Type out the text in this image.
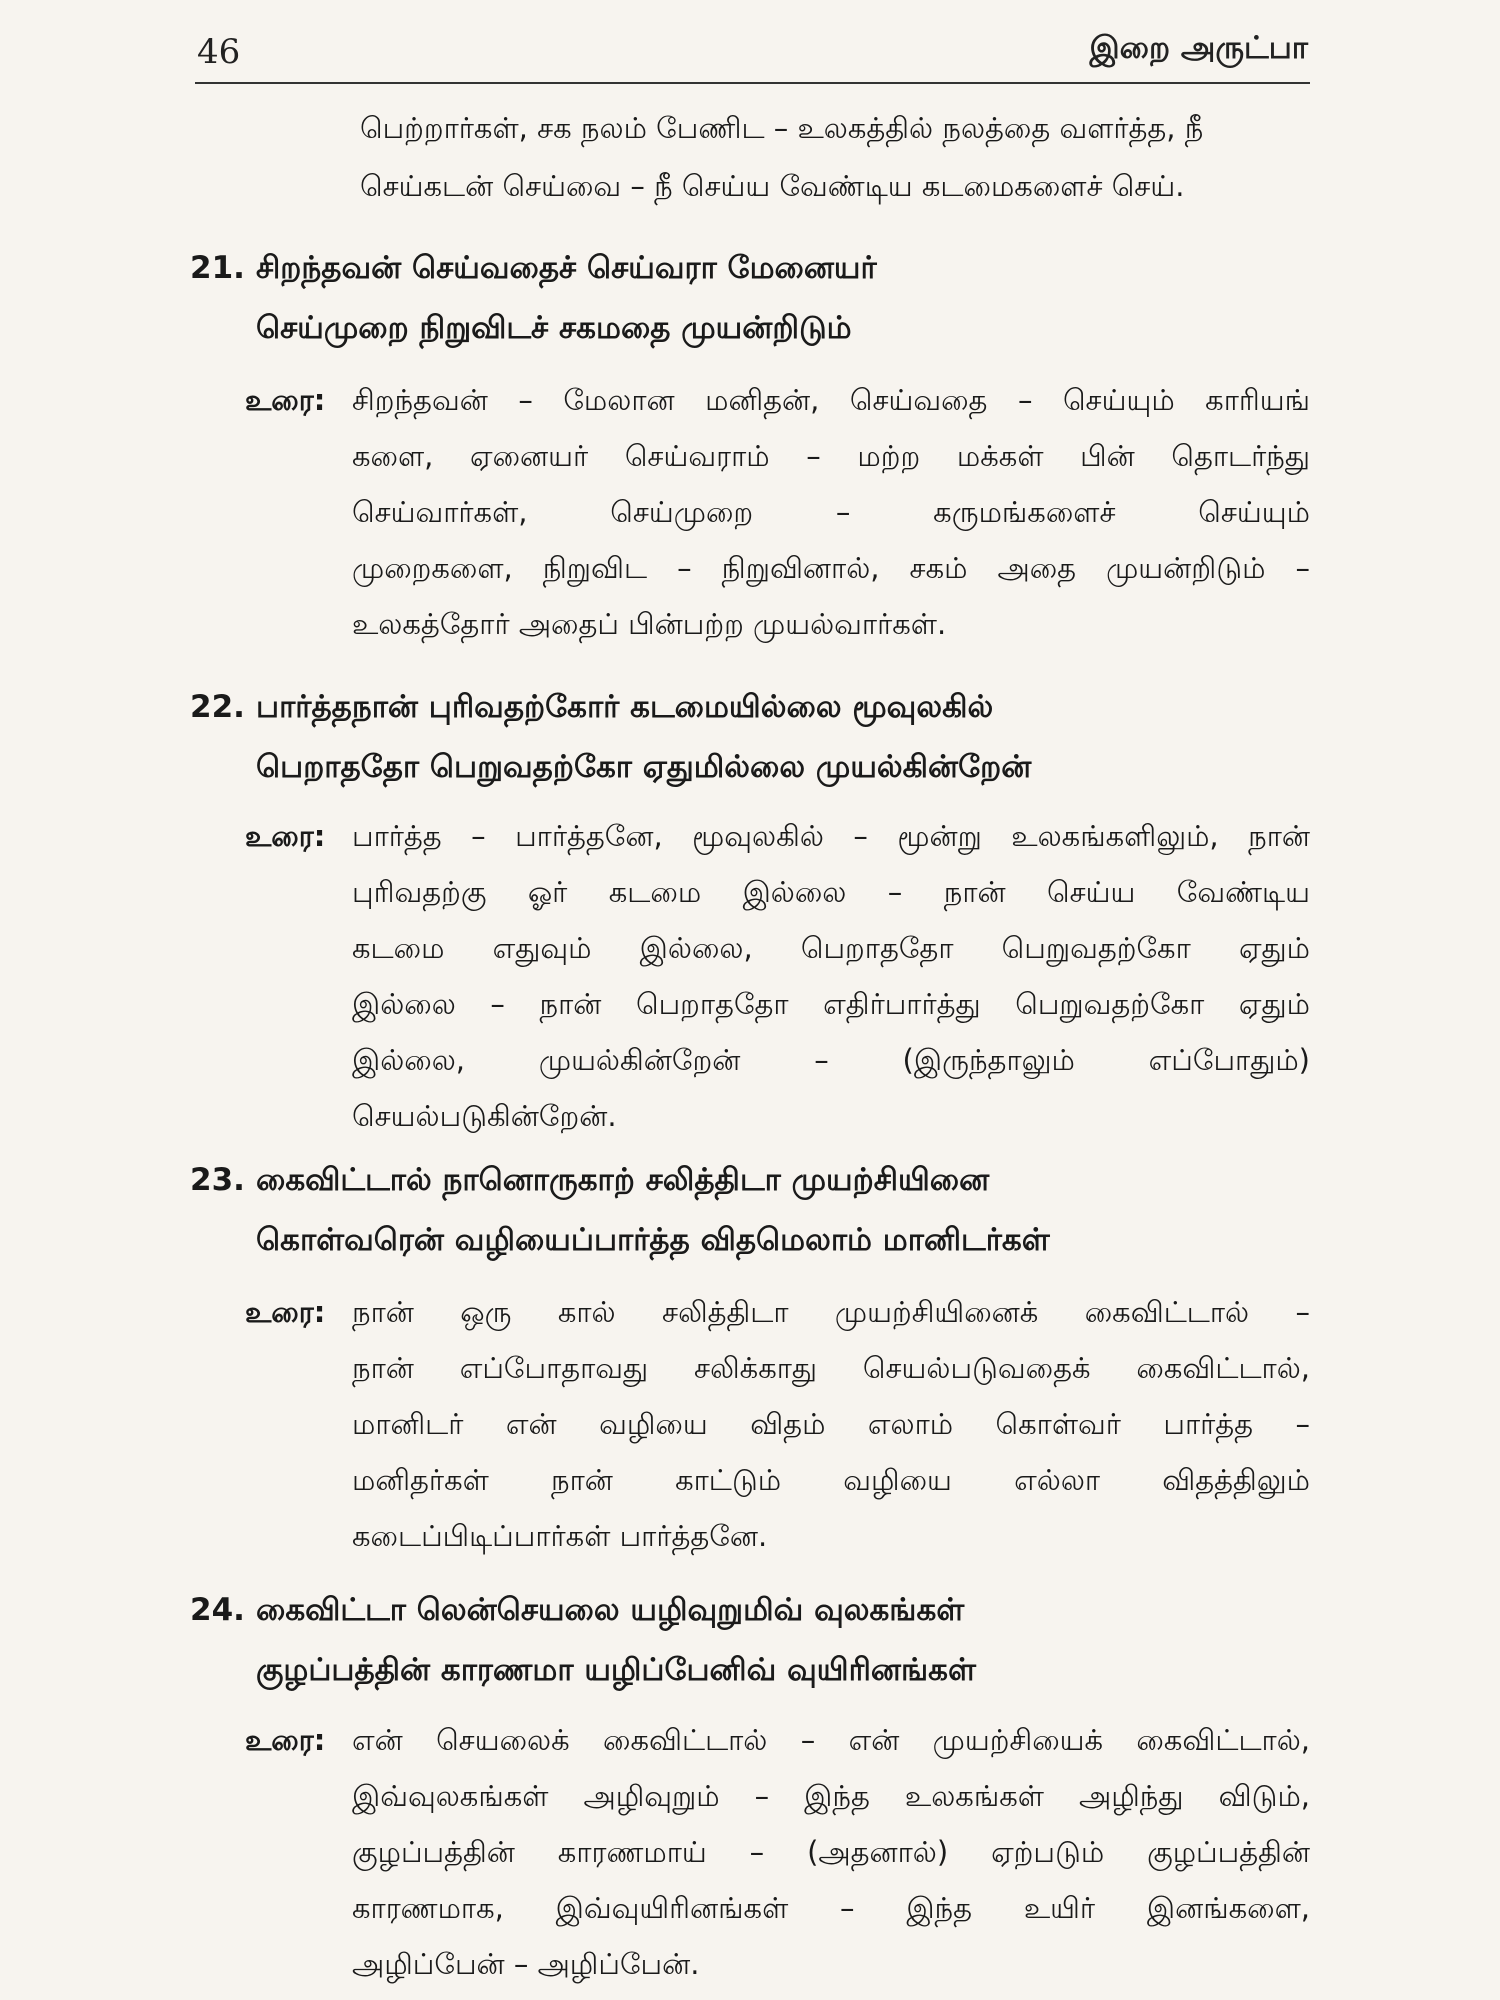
46	இறை அருட்பா
பெற்றார்கள், சக நலம் பேணிட – உலகத்தில் நலத்தை வளர்த்த, நீ
செய்கடன் செய்வை – நீ செய்ய வேண்டிய கடமைகளைச் செய்.
21. சிறந்தவன் செய்வதைச் செய்வரா மேனையர்
செய்முறை நிறுவிடச் சகமதை முயன்றிடும்
உரை: சிறந்தவன் – மேலான மனிதன், செய்வதை – செய்யும் காரியங்
களை, ஏனையர் செய்வராம் – மற்ற மக்கள் பின் தொடர்ந்து
செய்வார்கள், செய்முறை – கருமங்களைச் செய்யும்
முறைகளை, நிறுவிட – நிறுவினால், சகம் அதை முயன்றிடும் –
உலகத்தோர் அதைப் பின்பற்ற முயல்வார்கள்.
22. பார்த்தநான் புரிவதற்கோர் கடமையில்லை மூவுலகில்
பெறாததோ பெறுவதற்கோ ஏதுமில்லை முயல்கின்றேன்
உரை: பார்த்த – பார்த்தனே, மூவுலகில் – மூன்று உலகங்களிலும், நான்
புரிவதற்கு ஓர் கடமை இல்லை – நான் செய்ய வேண்டிய
கடமை எதுவும் இல்லை, பெறாததோ பெறுவதற்கோ ஏதும்
இல்லை – நான் பெறாததோ எதிர்பார்த்து பெறுவதற்கோ ஏதும்
இல்லை, முயல்கின்றேன் – (இருந்தாலும் எப்போதும்)
செயல்படுகின்றேன்.
23. கைவிட்டால் நானொருகாற் சலித்திடா முயற்சியினை
கொள்வரென் வழியைப்பார்த்த விதமெலாம் மானிடர்கள்
உரை: நான் ஒரு கால் சலித்திடா முயற்சியினைக் கைவிட்டால் –
நான் எப்போதாவது சலிக்காது செயல்படுவதைக் கைவிட்டால்,
மானிடர் என் வழியை விதம் எலாம் கொள்வர் பார்த்த –
மனிதர்கள் நான் காட்டும் வழியை எல்லா விதத்திலும்
கடைப்பிடிப்பார்கள் பார்த்தனே.
24. கைவிட்டா லென்செயலை யழிவுறுமிவ் வுலகங்கள்
குழப்பத்தின் காரணமா யழிப்பேனிவ் வுயிரினங்கள்
உரை: என் செயலைக் கைவிட்டால் – என் முயற்சியைக் கைவிட்டால்,
இவ்வுலகங்கள் அழிவுறும் – இந்த உலகங்கள் அழிந்து விடும்,
குழப்பத்தின் காரணமாய் – (அதனால்) ஏற்படும் குழப்பத்தின்
காரணமாக, இவ்வுயிரினங்கள் – இந்த உயிர் இனங்களை,
அழிப்பேன் – அழிப்பேன்.
